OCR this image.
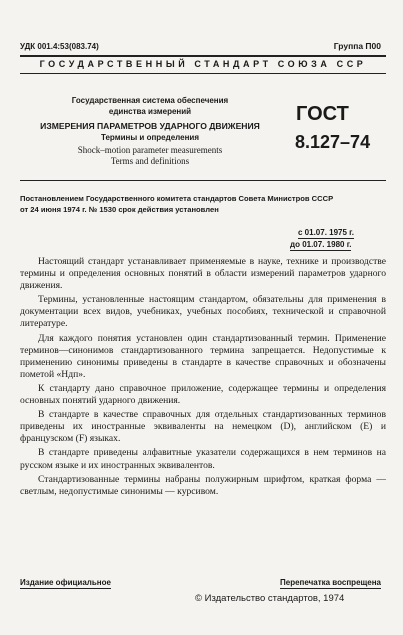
УДК 001.4:53(083.74)	Группа П00
ГОСУДАРСТВЕННЫЙ СТАНДАРТ СОЮЗА ССР
Государственная система обеспечения
единства измерений
ИЗМЕРЕНИЯ ПАРАМЕТРОВ УДАРНОГО ДВИЖЕНИЯ
Термины и определения
Shock–motion parameter measurements
Terms and definitions
ГОСТ
8.127–74
Постановлением Государственного комитета стандартов Совета Министров СССР
от 24 июня 1974 г. № 1530 срок действия установлен
с 01.07. 1975 г.
до 01.07. 1980 г.

Настоящий стандарт устанавливает применяемые в науке, технике и производстве термины и определения основных понятий в области измерений параметров ударного движения.

Термины, установленные настоящим стандартом, обязательны для применения в документации всех видов, учебниках, учебных пособиях, технической и справочной литературе.

Для каждого понятия установлен один стандартизованный термин. Применение терминов—синонимов стандартизованного термина запрещается. Недопустимые к применению синонимы приведены в стандарте в качестве справочных и обозначены пометой «Ндп».

К стандарту дано справочное приложение, содержащее термины и определения основных понятий ударного движения.

В стандарте в качестве справочных для отдельных стандартизованных терминов приведены их иностранные эквиваленты на немецком (D), английском (E) и французском (F) языках.

В стандарте приведены алфавитные указатели содержащихся в нем терминов на русском языке и их иностранных эквивалентов.

Стандартизованные термины набраны полужирным шрифтом, краткая форма — светлым, недопустимые синонимы — курсивом.

Издание официальное	Перепечатка воспрещена
© Издательство стандартов, 1974
